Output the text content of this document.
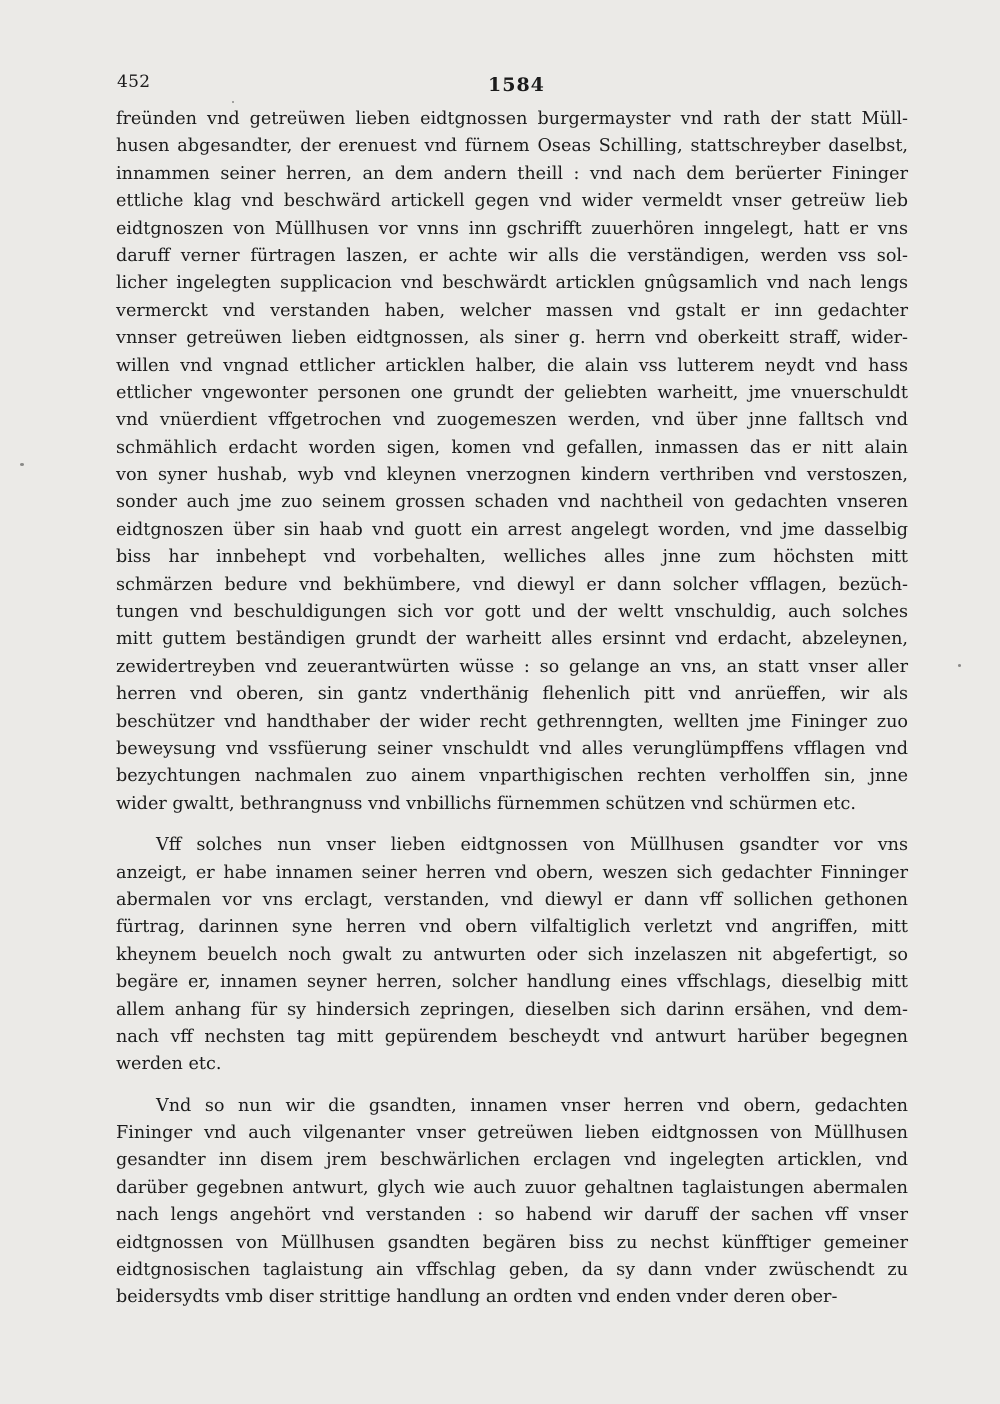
452	1584
freünden vnd getreüwen lieben eidtgnossen burgermayster vnd rath der statt Müll-
husen abgesandter, der erenuest vnd fürnem Oseas Schilling, stattschreyber daselbst,
innammen seiner herren, an dem andern theill : vnd nach dem berüerter Fininger
ettliche klag vnd beschwärd artickell gegen vnd wider vermeldt vnser getreüw lieb
eidtgnoszen von Müllhusen vor vnns inn gschrifft zuuerhören inngelegt, hatt er vns
daruff verner fürtragen laszen, er achte wir alls die verständigen, werden vss sol-
licher ingelegten supplicacion vnd beschwärdt articklen gnûgsamlich vnd nach lengs
vermerckt vnd verstanden haben, welcher massen vnd gstalt er inn gedachter
vnnser getreüwen lieben eidtgnossen, als siner g. herrn vnd oberkeitt straff, wider-
willen vnd vngnad ettlicher articklen halber, die alain vss lutterem neydt vnd hass
ettlicher vngewonter personen one grundt der geliebten warheitt, jme vnuerschuldt
vnd vnüerdient vffgetrochen vnd zuogemeszen werden, vnd über jnne falltsch vnd
schmählich erdacht worden sigen, komen vnd gefallen, inmassen das er nitt alain
von syner hushab, wyb vnd kleynen vnerzognen kindern verthriben vnd verstoszen,
sonder auch jme zuo seinem grossen schaden vnd nachtheil von gedachten vnseren
eidtgnoszen über sin haab vnd guott ein arrest angelegt worden, vnd jme dasselbig
biss har innbehept vnd vorbehalten, welliches alles jnne zum höchsten mitt
schmärzen bedure vnd bekhümbere, vnd diewyl er dann solcher vfflagen, bezüch-
tungen vnd beschuldigungen sich vor gott und der weltt vnschuldig, auch solches
mitt guttem beständigen grundt der warheitt alles ersinnt vnd erdacht, abzeleynen,
zewidertreyben vnd zeuerantwürten wüsse : so gelange an vns, an statt vnser aller
herren vnd oberen, sin gantz vnderthänig flehenlich pitt vnd anrüeffen, wir als
beschützer vnd handthaber der wider recht gethrenngten, wellten jme Fininger zuo
beweysung vnd vssfüerung seiner vnschuldt vnd alles verunglümpffens vfflagen vnd
bezychtungen nachmalen zuo ainem vnparthigischen rechten verholffen sin, jnne
wider gwaltt, bethrangnuss vnd vnbillichs fürnemmen schützen vnd schürmen etc.
Vff solches nun vnser lieben eidtgnossen von Müllhusen gsandter vor vns
anzeigt, er habe innamen seiner herren vnd obern, weszen sich gedachter Finninger
abermalen vor vns erclagt, verstanden, vnd diewyl er dann vff sollichen gethonen
fürtrag, darinnen syne herren vnd obern vilfaltiglich verletzt vnd angriffen, mitt
kheynem beuelch noch gwalt zu antwurten oder sich inzelaszen nit abgefertigt, so
begäre er, innamen seyner herren, solcher handlung eines vffschlags, dieselbig mitt
allem anhang für sy hindersich zepringen, dieselben sich darinn ersähen, vnd dem-
nach vff nechsten tag mitt gepürendem bescheydt vnd antwurt harüber begegnen
werden etc.
Vnd so nun wir die gsandten, innamen vnser herren vnd obern, gedachten
Fininger vnd auch vilgenanter vnser getreüwen lieben eidtgnossen von Müllhusen
gesandter inn disem jrem beschwärlichen erclagen vnd ingelegten articklen, vnd
darüber gegebnen antwurt, glych wie auch zuuor gehaltnen taglaistungen abermalen
nach lengs angehört vnd verstanden : so habend wir daruff der sachen vff vnser
eidtgnossen von Müllhusen gsandten begären biss zu nechst künfftiger gemeiner
eidtgnosischen taglaistung ain vffschlag geben, da sy dann vnder zwüschendt zu
beidersydts vmb diser strittige handlung an ordten vnd enden vnder deren ober-
